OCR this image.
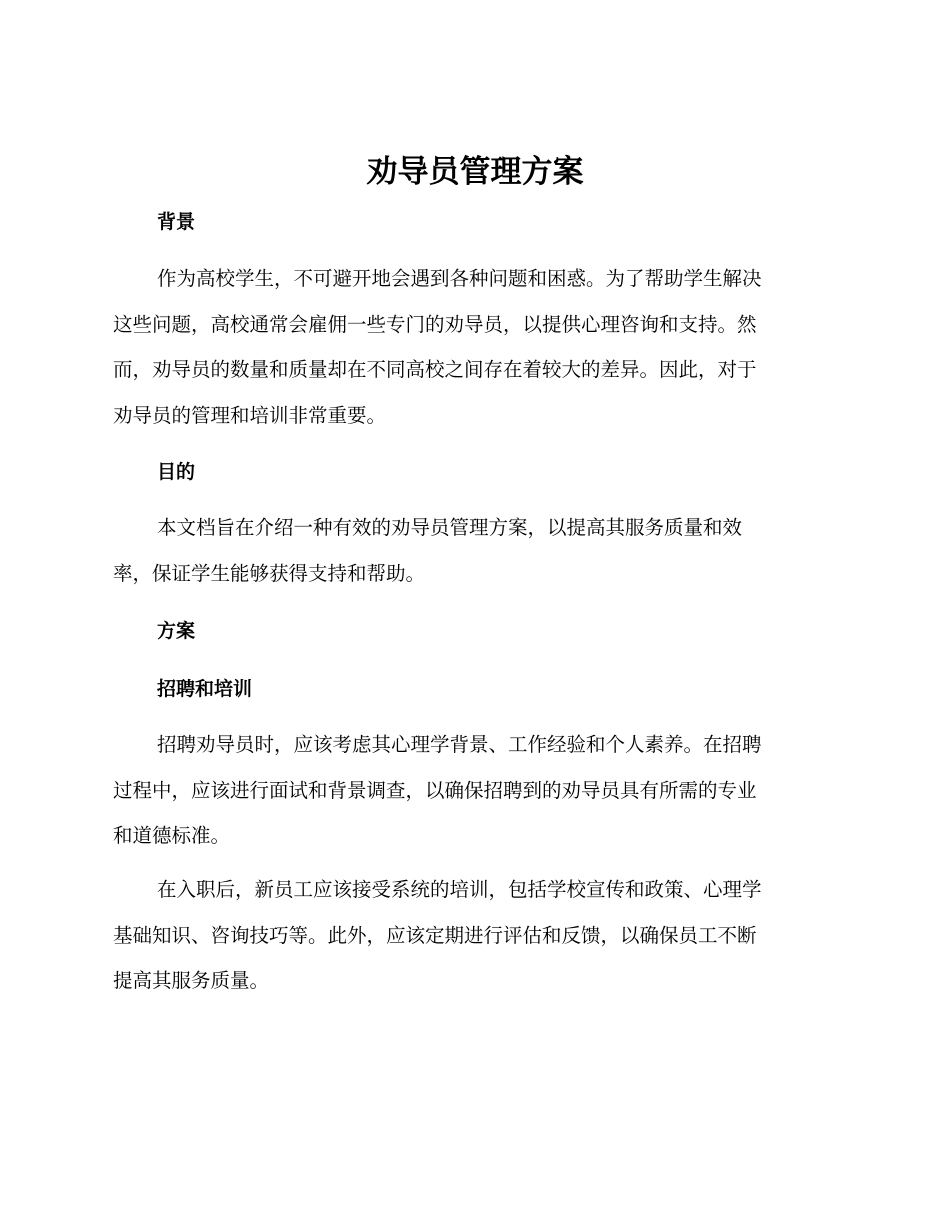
劝导员管理方案
背景
作为高校学生，不可避开地会遇到各种问题和困惑。为了帮助学生解决
这些问题，高校通常会雇佣一些专门的劝导员，以提供心理咨询和支持。然
而，劝导员的数量和质量却在不同高校之间存在着较大的差异。因此，对于
劝导员的管理和培训非常重要。
目的
本文档旨在介绍一种有效的劝导员管理方案，以提高其服务质量和效
率，保证学生能够获得支持和帮助。
方案
招聘和培训
招聘劝导员时，应该考虑其心理学背景、工作经验和个人素养。在招聘
过程中，应该进行面试和背景调查，以确保招聘到的劝导员具有所需的专业
和道德标准。
在入职后，新员工应该接受系统的培训，包括学校宣传和政策、心理学
基础知识、咨询技巧等。此外，应该定期进行评估和反馈，以确保员工不断
提高其服务质量。
